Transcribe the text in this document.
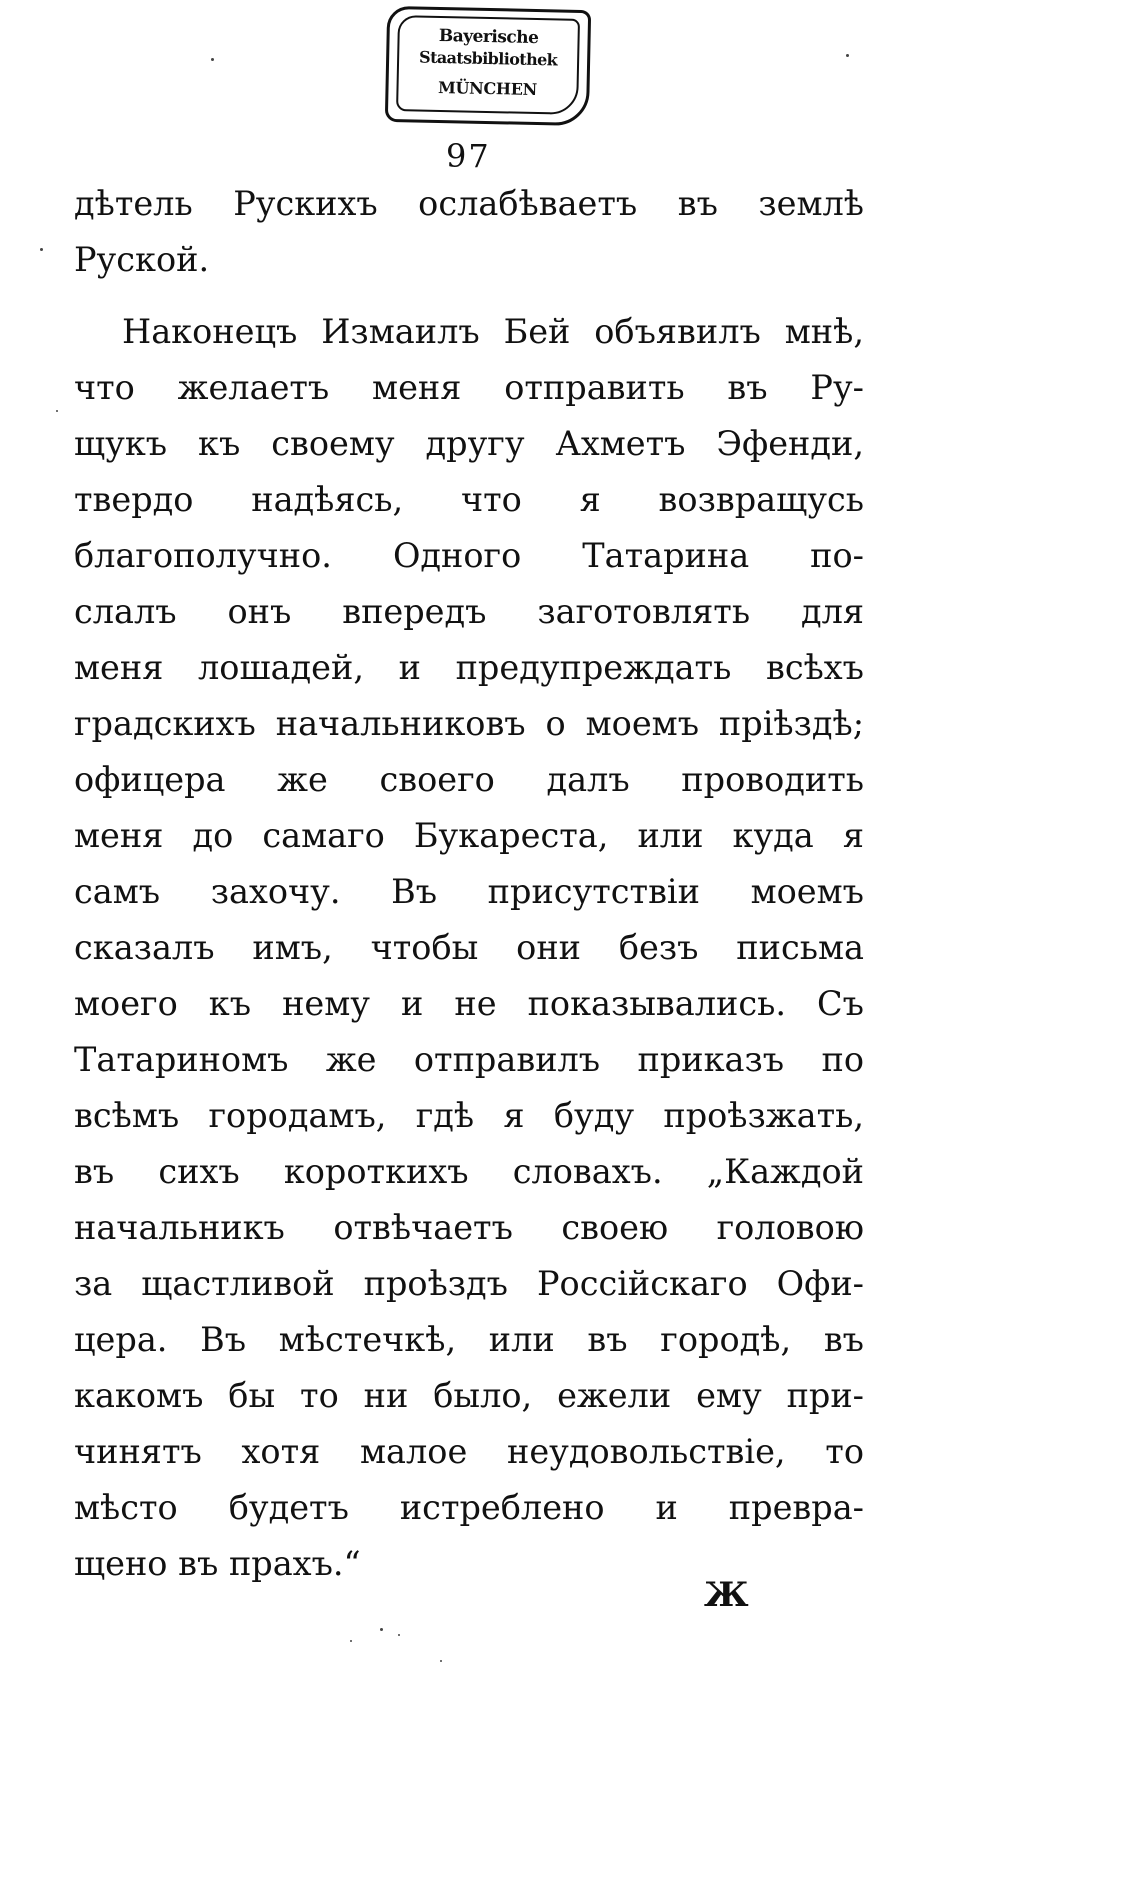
Bayerische
Staatsbibliothek
MÜNCHEN
97
дѣтель Рускихъ ослабѣваетъ въ землѣ
Руской.
Наконецъ Измаилъ Бей объявилъ мнѣ,
что желаетъ меня отправить въ Ру-
щукъ къ своему другу Ахметъ Эфенди,
твердо надѣясь, что я возвращусь
благополучно. Одного Татарина по-
слалъ онъ впередъ заготовлять для
меня лошадей, и предупреждать всѣхъ
градскихъ начальниковъ о моемъ пріѣздѣ;
офицера же своего далъ проводить
меня до самаго Букареста, или куда я
самъ захочу. Въ присутствіи моемъ
сказалъ имъ, чтобы они безъ письма
моего къ нему и не показывались. Съ
Татариномъ же отправилъ приказъ по
всѣмъ городамъ, гдѣ я буду проѣзжать,
въ сихъ короткихъ словахъ. „Каждой
начальникъ отвѣчаетъ своею головою
за щастливой проѣздъ Россійскаго Офи-
цера. Въ мѣстечкѣ, или въ городѣ, въ
какомъ бы то ни было, ежели ему при-
чинятъ хотя малое неудовольствіе, то
мѣсто будетъ истреблено и превра-
щено въ прахъ.“
Ж
